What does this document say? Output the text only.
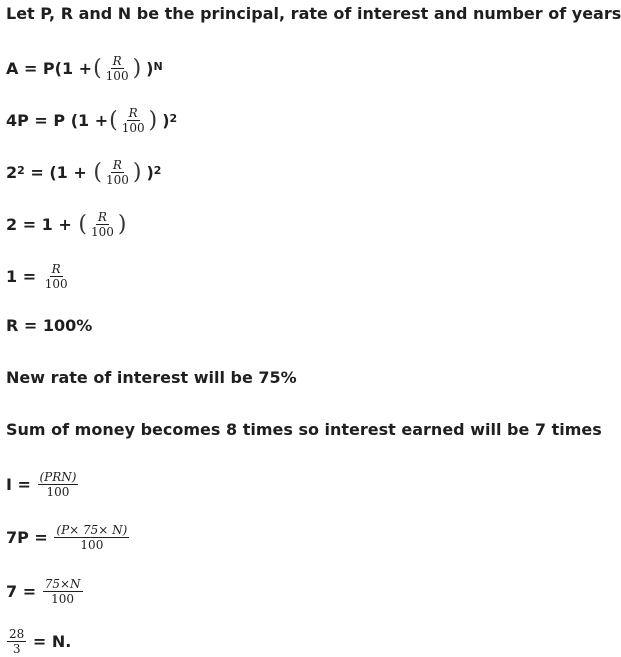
Let P, R and N be the principal, rate of interest and number of years
A = P(1 + ( $\frac{R}{100}$ ) )$^N$
4P = P (1 + ( $\frac{R}{100}$ ) )$^2$
$2^2 = (1$ + ( $\frac{R}{100}$ ) )$^2$
2 = 1 + ( $\frac{R}{100}$ )
$1 = \frac{R}{100}$
R = 100%
New rate of interest will be 75%
Sum of money becomes 8 times so interest earned will be 7 times
$I = \frac{\text{(PRN)}}{100}$
$7P = \frac{(P\times 75\times N)}{100}$
$7 = \frac{75\times N}{100}$
$\frac{28}{3} = N$.
